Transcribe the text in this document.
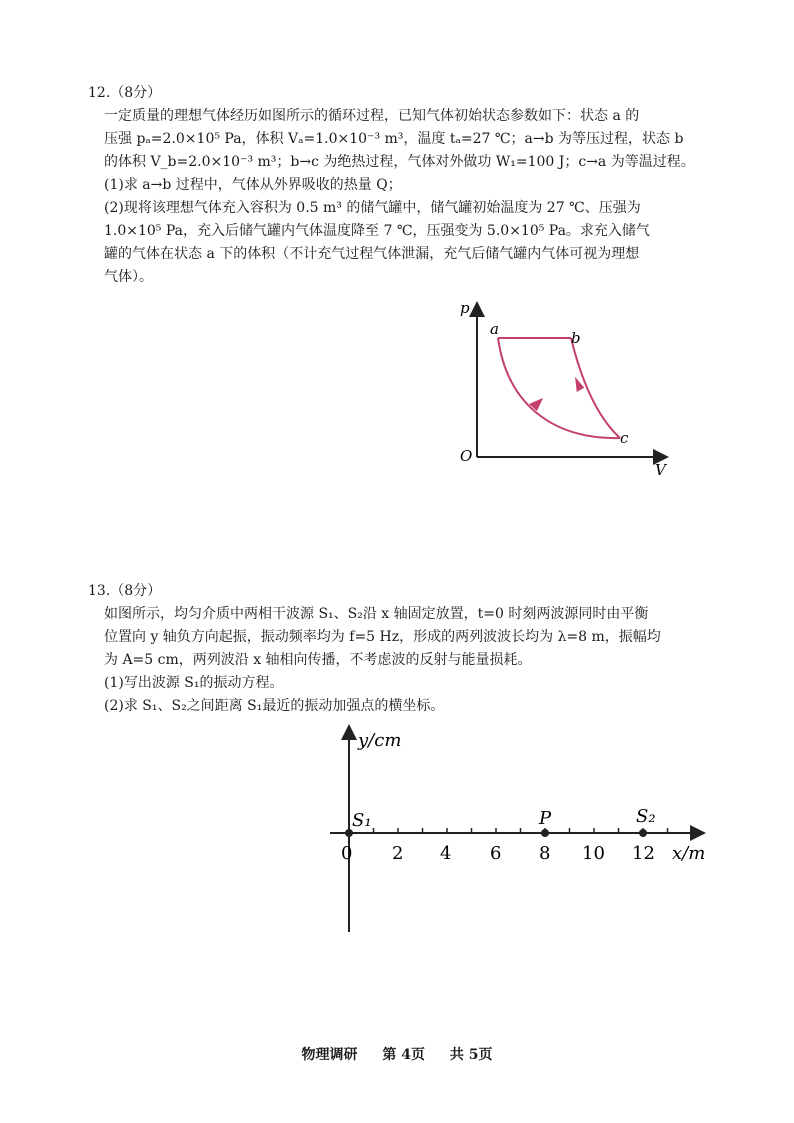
12.（8分）

一定质量的理想气体经历如图所示的循环过程，已知气体初始状态参数如下：状态 a 的

压强 pₐ=2.0×10⁵ Pa，体积 Vₐ=1.0×10⁻³ m³，温度 tₐ=27 ℃；a→b 为等压过程，状态 b

的体积 V_b=2.0×10⁻³ m³；b→c 为绝热过程，气体对外做功 W₁=100 J；c→a 为等温过程。

(1)求 a→b 过程中，气体从外界吸收的热量 Q；

(2)现将该理想气体充入容积为 0.5 m³ 的储气罐中，储气罐初始温度为 27 ℃、压强为

1.0×10⁵ Pa，充入后储气罐内气体温度降至 7 ℃，压强变为 5.0×10⁵ Pa。求充入储气

罐的气体在状态 a 下的体积（不计充气过程气体泄漏，充气后储气罐内气体可视为理想

气体）。

p
V
O
a	b
c

13.（8分）

如图所示，均匀介质中两相干波源 S₁、S₂沿 x 轴固定放置，t=0 时刻两波源同时由平衡

位置向 y 轴负方向起振，振动频率均为 f=5 Hz，形成的两列波波长均为 λ=8 m，振幅均

为 A=5 cm，两列波沿 x 轴相向传播，不考虑波的反射与能量损耗。

(1)写出波源 S₁的振动方程。

(2)求 S₁、S₂之间距离 S₁最近的振动加强点的横坐标。

y/cm
x/m
0 2 4 6 8 10 12
S₁	P	S₂
物理调研 第 4页 共 5页
